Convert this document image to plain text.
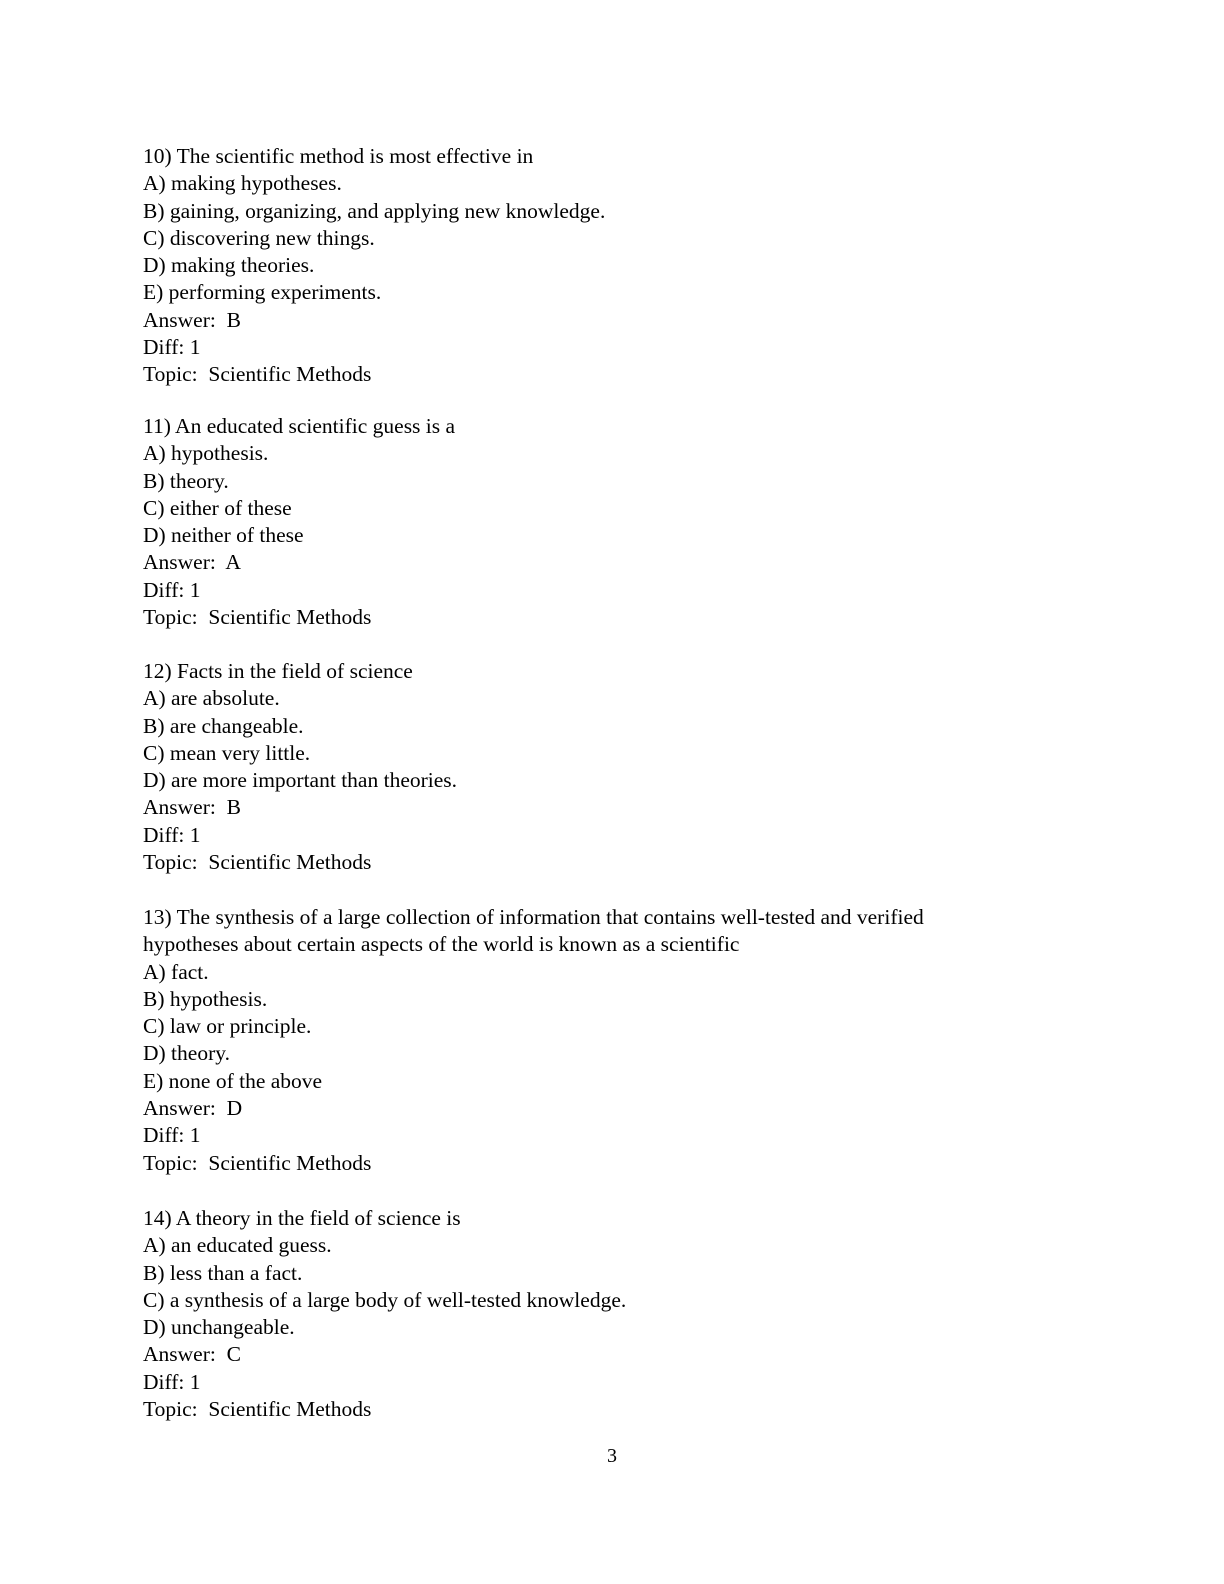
10) The scientific method is most effective in
A) making hypotheses.
B) gaining, organizing, and applying new knowledge.
C) discovering new things.
D) making theories.
E) performing experiments.
Answer:  B
Diff: 1
Topic:  Scientific Methods
11) An educated scientific guess is a
A) hypothesis.
B) theory.
C) either of these
D) neither of these
Answer:  A
Diff: 1
Topic:  Scientific Methods
12) Facts in the field of science
A) are absolute.
B) are changeable.
C) mean very little.
D) are more important than theories.
Answer:  B
Diff: 1
Topic:  Scientific Methods
13) The synthesis of a large collection of information that contains well-tested and verified
hypotheses about certain aspects of the world is known as a scientific
A) fact.
B) hypothesis.
C) law or principle.
D) theory.
E) none of the above
Answer:  D
Diff: 1
Topic:  Scientific Methods
14) A theory in the field of science is
A) an educated guess.
B) less than a fact.
C) a synthesis of a large body of well-tested knowledge.
D) unchangeable.
Answer:  C
Diff: 1
Topic:  Scientific Methods
3
